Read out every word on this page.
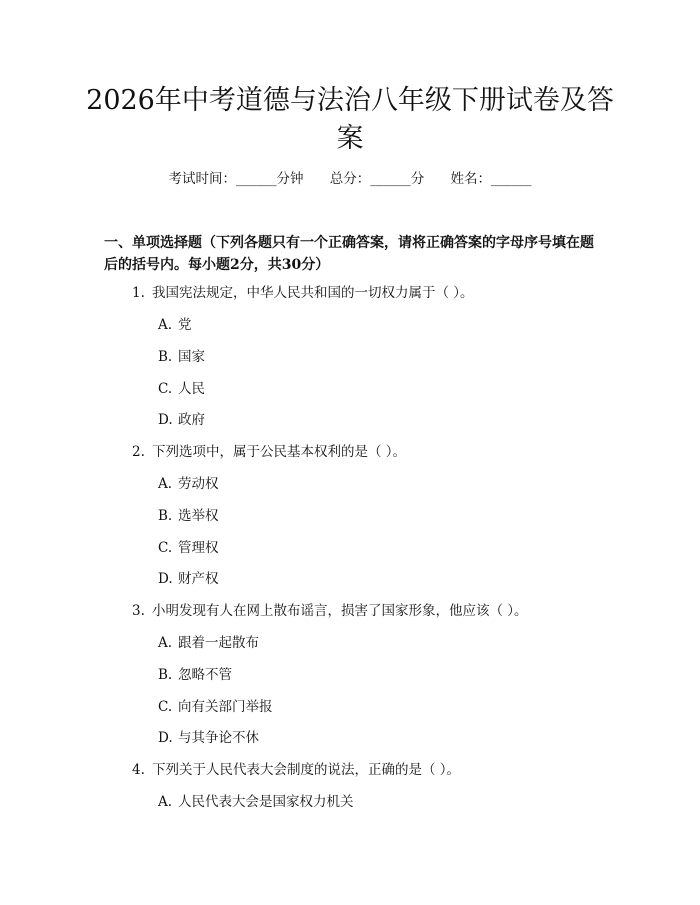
2026年中考道德与法治八年级下册试卷及答案
考试时间：______分钟 总分：______分 姓名：______
一、单项选择题（下列各题只有一个正确答案，请将正确答案的字母序号填在题后的括号内。每小题2分，共30分）
1. 我国宪法规定，中华人民共和国的一切权力属于（ ）。
A. 党
B. 国家
C. 人民
D. 政府
2. 下列选项中，属于公民基本权利的是（ ）。
A. 劳动权
B. 选举权
C. 管理权
D. 财产权
3. 小明发现有人在网上散布谣言，损害了国家形象，他应该（ ）。
A. 跟着一起散布
B. 忽略不管
C. 向有关部门举报
D. 与其争论不休
4. 下列关于人民代表大会制度的说法，正确的是（ ）。
A. 人民代表大会是国家权力机关
